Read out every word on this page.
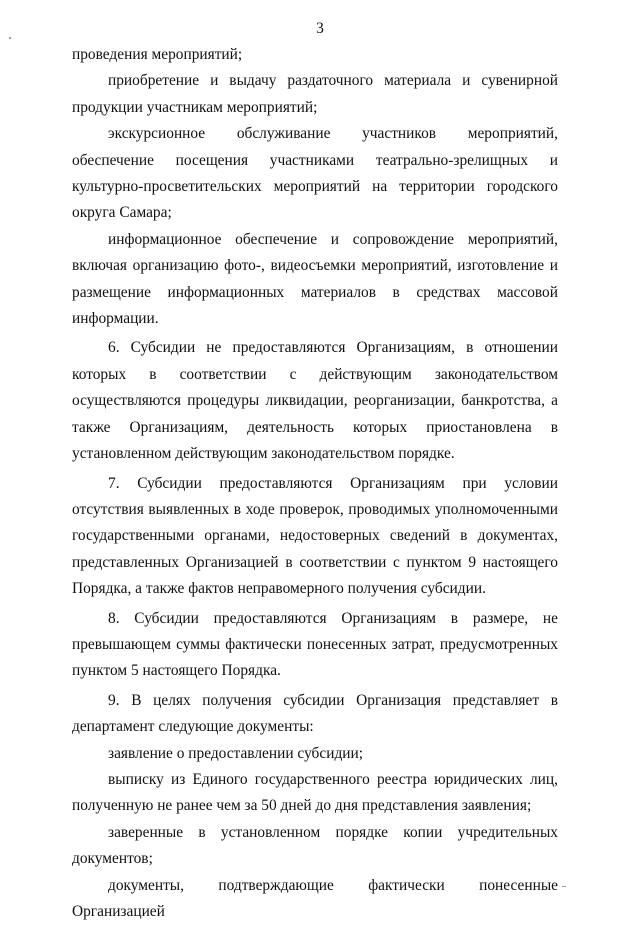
3

проведения мероприятий;

приобретение и выдачу раздаточного материала и сувенирной продукции участникам мероприятий;

экскурсионное обслуживание участников мероприятий, обеспечение посещения участниками театрально-зрелищных и культурно-просветительских мероприятий на территории городского округа Самара;

информационное обеспечение и сопровождение мероприятий, включая организацию фото-, видеосъемки мероприятий, изготовление и размещение информационных материалов в средствах массовой информации.

6. Субсидии не предоставляются Организациям, в отношении которых в соответствии с действующим законодательством осуществляются процедуры ликвидации, реорганизации, банкротства, а также Организациям, деятельность которых приостановлена в установленном действующим законодательством порядке.

7. Субсидии предоставляются Организациям при условии отсутствия выявленных в ходе проверок, проводимых уполномоченными государственными органами, недостоверных сведений в документах, представленных Организацией в соответствии с пунктом 9 настоящего Порядка, а также фактов неправомерного получения субсидии.

8. Субсидии предоставляются Организациям в размере, не превышающем суммы фактически понесенных затрат, предусмотренных пунктом 5 настоящего Порядка.

9. В целях получения субсидии Организация представляет в департамент следующие документы:

заявление о предоставлении субсидии;

выписку из Единого государственного реестра юридических лиц, полученную не ранее чем за 50 дней до дня представления заявления;

заверенные в установленном порядке копии учредительных документов;

документы, подтверждающие фактически понесенные Организацией
